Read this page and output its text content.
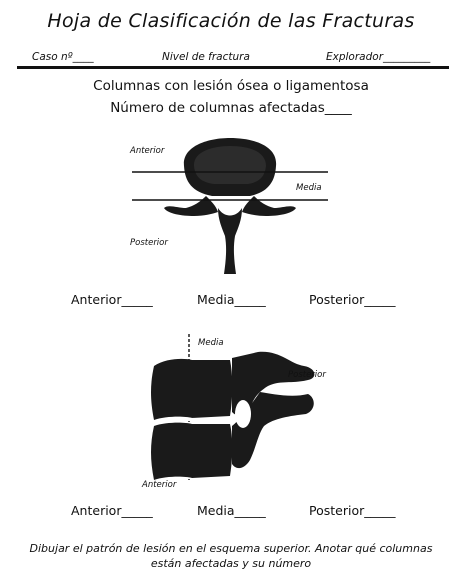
Hoja de Clasificación de las Fracturas
Caso nº____	Nivel de fractura	Explorador_________
Columnas con lesión ósea o ligamentosa
Número de columnas afectadas____
Anterior
Media
Posterior
Anterior_____	Media_____	Posterior_____
Media
Posterior
Anterior
Anterior_____	Media_____	Posterior_____
Dibujar el patrón de lesión en el esquema superior. Anotar qué columnas
están afectadas y su número
